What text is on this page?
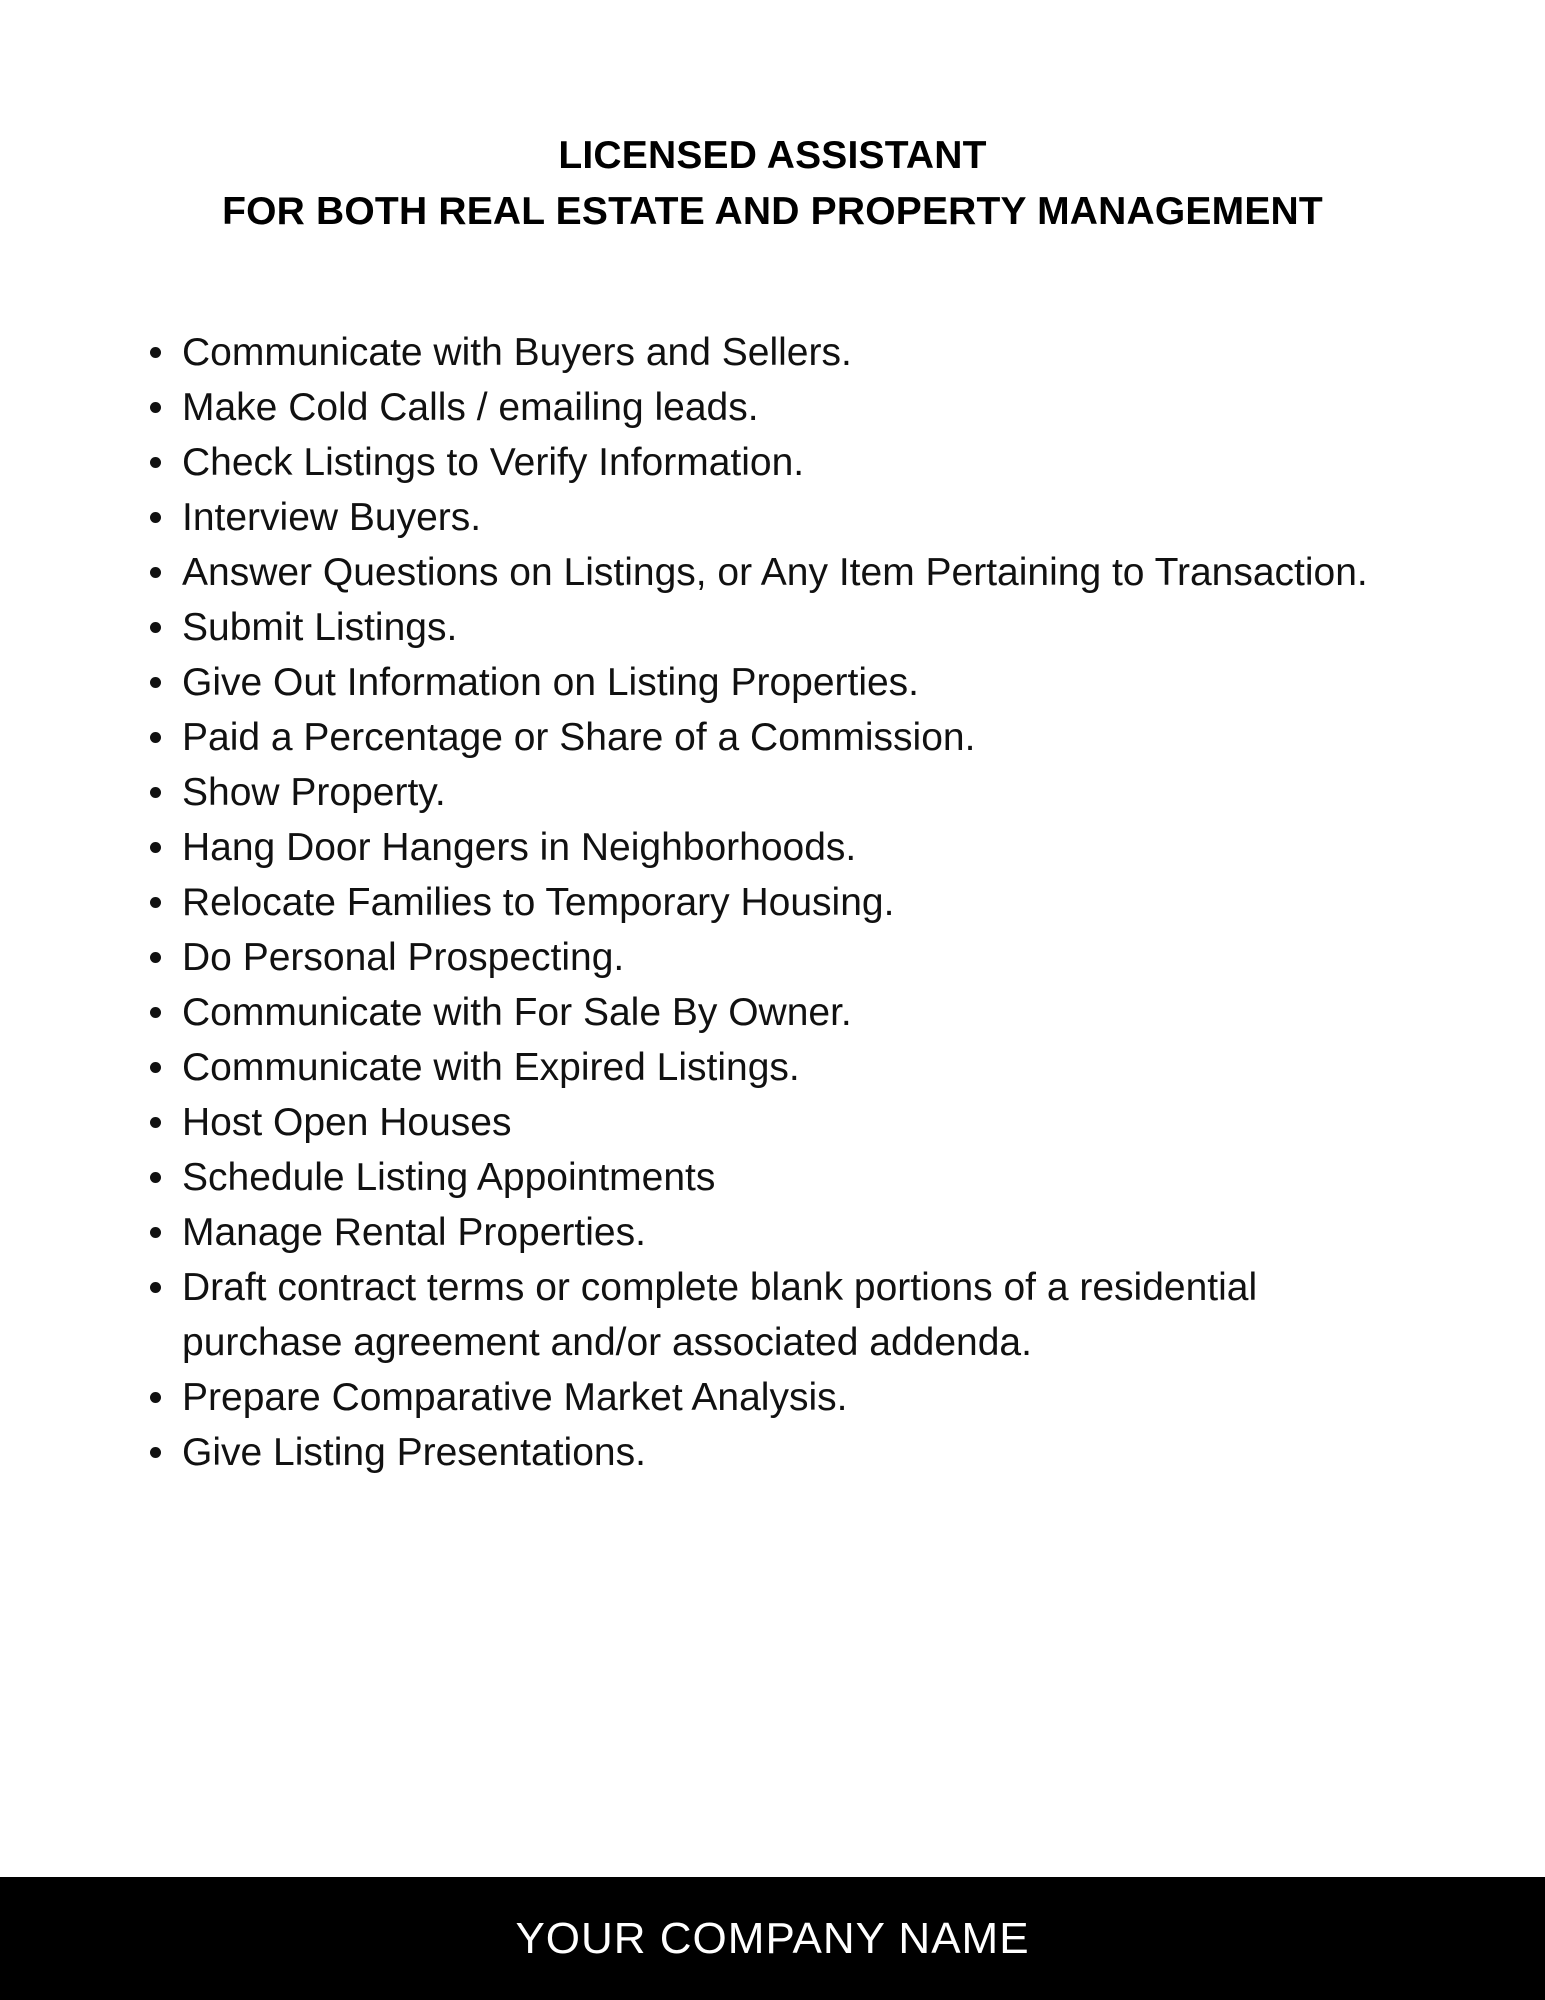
LICENSED ASSISTANT
FOR BOTH REAL ESTATE AND PROPERTY MANAGEMENT
Communicate with Buyers and Sellers.
Make Cold Calls / emailing leads.
Check Listings to Verify Information.
Interview Buyers.
Answer Questions on Listings, or Any Item Pertaining to Transaction.
Submit Listings.
Give Out Information on Listing Properties.
Paid a Percentage or Share of a Commission.
Show Property.
Hang Door Hangers in Neighborhoods.
Relocate Families to Temporary Housing.
Do Personal Prospecting.
Communicate with For Sale By Owner.
Communicate with Expired Listings.
Host Open Houses
Schedule Listing Appointments
Manage Rental Properties.
Draft contract terms or complete blank portions of a residential purchase agreement and/or associated addenda.
Prepare Comparative Market Analysis.
Give Listing Presentations.
YOUR COMPANY NAME
